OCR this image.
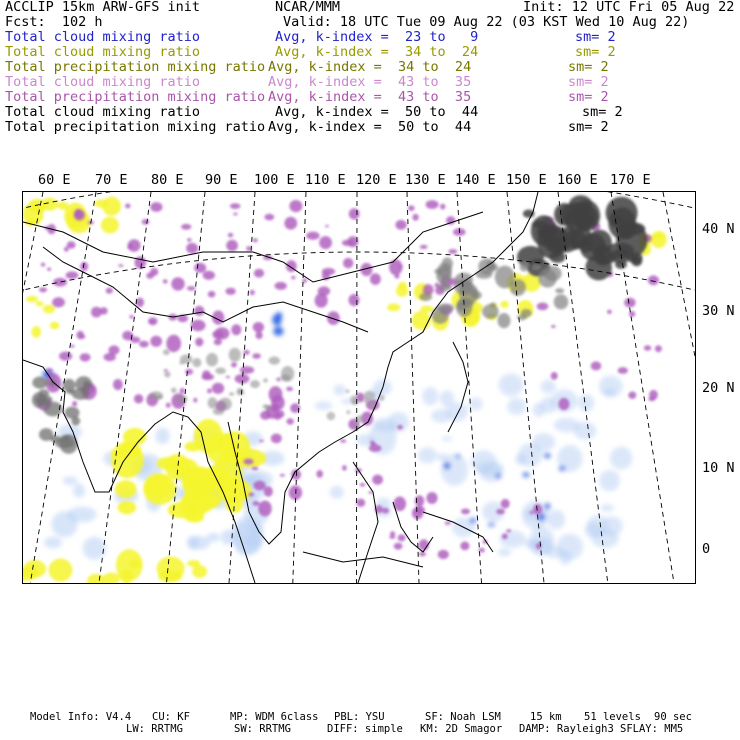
ACCLIP 15km ARW-GFS init	NCAR/MMM	Init: 12 UTC Fri 05 Aug 22
Fcst:  102 h	Valid: 18 UTC Tue 09 Aug 22 (03 KST Wed 10 Aug 22)
Total cloud mixing ratio	Avg, k-index =  23 to   9	sm= 2
Total cloud mixing ratio	Avg, k-index =  34 to  24	sm= 2
Total precipitation mixing ratio Avg, k-index =  34 to  24	sm= 2
Total cloud mixing ratio	Avg, k-index =  43 to  35	sm= 2
Total precipitation mixing ratio Avg, k-index =  43 to  35	sm= 2
Total cloud mixing ratio	Avg, k-index =  50 to  44	sm= 2
Total precipitation mixing ratio Avg, k-index =  50 to  44	sm= 2
60 E 70 E 80 E 90 E 100 E 110 E 120 E 130 E 140 E 150 E 160 E 170 E
40 N
30 N
20 N
10 N
0
Model Info: V4.4 CU: KF	MP: WDM 6class PBL: YSU	SF: Noah LSM	15 km 51 levels 90 sec
LW: RRTMG	SW: RRTMG	DIFF: simple KM: 2D Smagor DAMP: Rayleigh3 SFLAY: MM5
